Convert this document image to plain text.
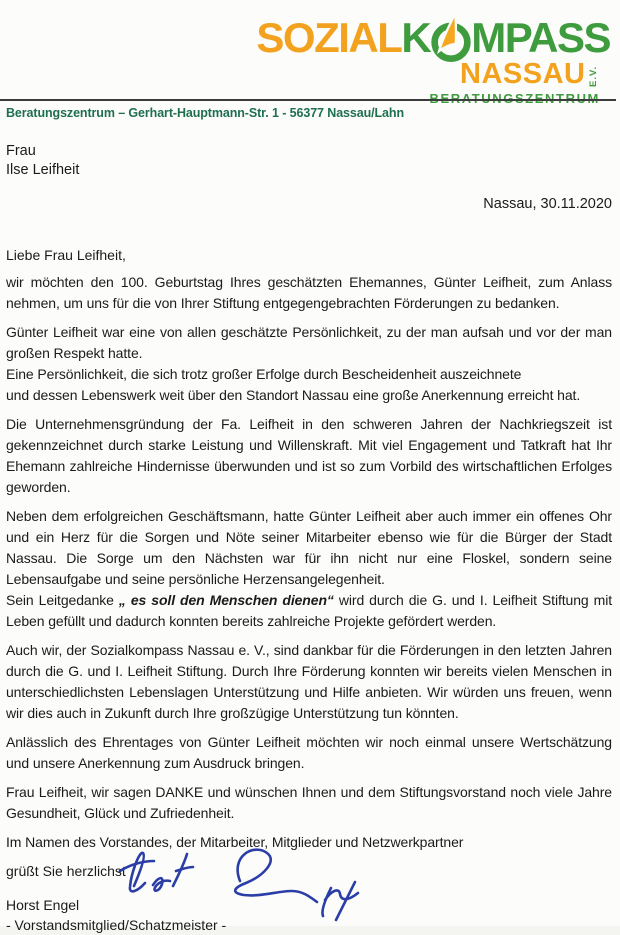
SOZIAL K MPASS
NASSAU E.V.
Beratungszentrum – Gerhart-Hauptmann-Str. 1 - 56377 Nassau/Lahn
Frau
Ilse Leifheit
Nassau, 30.11.2020
Liebe Frau Leifheit,

wir möchten den 100. Geburtstag Ihres geschätzten Ehemannes, Günter Leifheit, zum Anlass nehmen, um uns für die von Ihrer Stiftung entgegengebrachten Förderungen zu bedanken.

Günter Leifheit war eine von allen geschätzte Persönlichkeit, zu der man aufsah und vor der man großen Respekt hatte.
Eine Persönlichkeit, die sich trotz großer Erfolge durch Bescheidenheit auszeichnete
und dessen Lebenswerk weit über den Standort Nassau eine große Anerkennung erreicht hat.

Die Unternehmensgründung der Fa. Leifheit in den schweren Jahren der Nachkriegszeit ist gekennzeichnet durch starke Leistung und Willenskraft. Mit viel Engagement und Tatkraft hat Ihr Ehemann zahlreiche Hindernisse überwunden und ist so zum Vorbild des wirtschaftlichen Erfolges geworden.

Neben dem erfolgreichen Geschäftsmann, hatte Günter Leifheit aber auch immer ein offenes Ohr und ein Herz für die Sorgen und Nöte seiner Mitarbeiter ebenso wie für die Bürger der Stadt Nassau. Die Sorge um den Nächsten war für ihn nicht nur eine Floskel, sondern seine Lebensaufgabe und seine persönliche Herzensangelegenheit.
Sein Leitgedanke „ es soll den Menschen dienen“ wird durch die G. und I. Leifheit Stiftung mit Leben gefüllt und dadurch konnten bereits zahlreiche Projekte gefördert werden.

Auch wir, der Sozialkompass Nassau e. V., sind dankbar für die Förderungen in den letzten Jahren durch die G. und I. Leifheit Stiftung. Durch Ihre Förderung konnten wir bereits vielen Menschen in unterschiedlichsten Lebenslagen Unterstützung und Hilfe anbieten. Wir würden uns freuen, wenn wir dies auch in Zukunft durch Ihre großzügige Unterstützung tun könnten.

Anlässlich des Ehrentages von Günter Leifheit möchten wir noch einmal unsere Wertschätzung und unsere Anerkennung zum Ausdruck bringen.

Frau Leifheit, wir sagen DANKE und wünschen Ihnen und dem Stiftungsvorstand noch viele Jahre Gesundheit, Glück und Zufriedenheit.

Im Namen des Vorstandes, der Mitarbeiter, Mitglieder und Netzwerkpartner

grüßt Sie herzlichst
Horst Engel
- Vorstandsmitglied/Schatzmeister -
